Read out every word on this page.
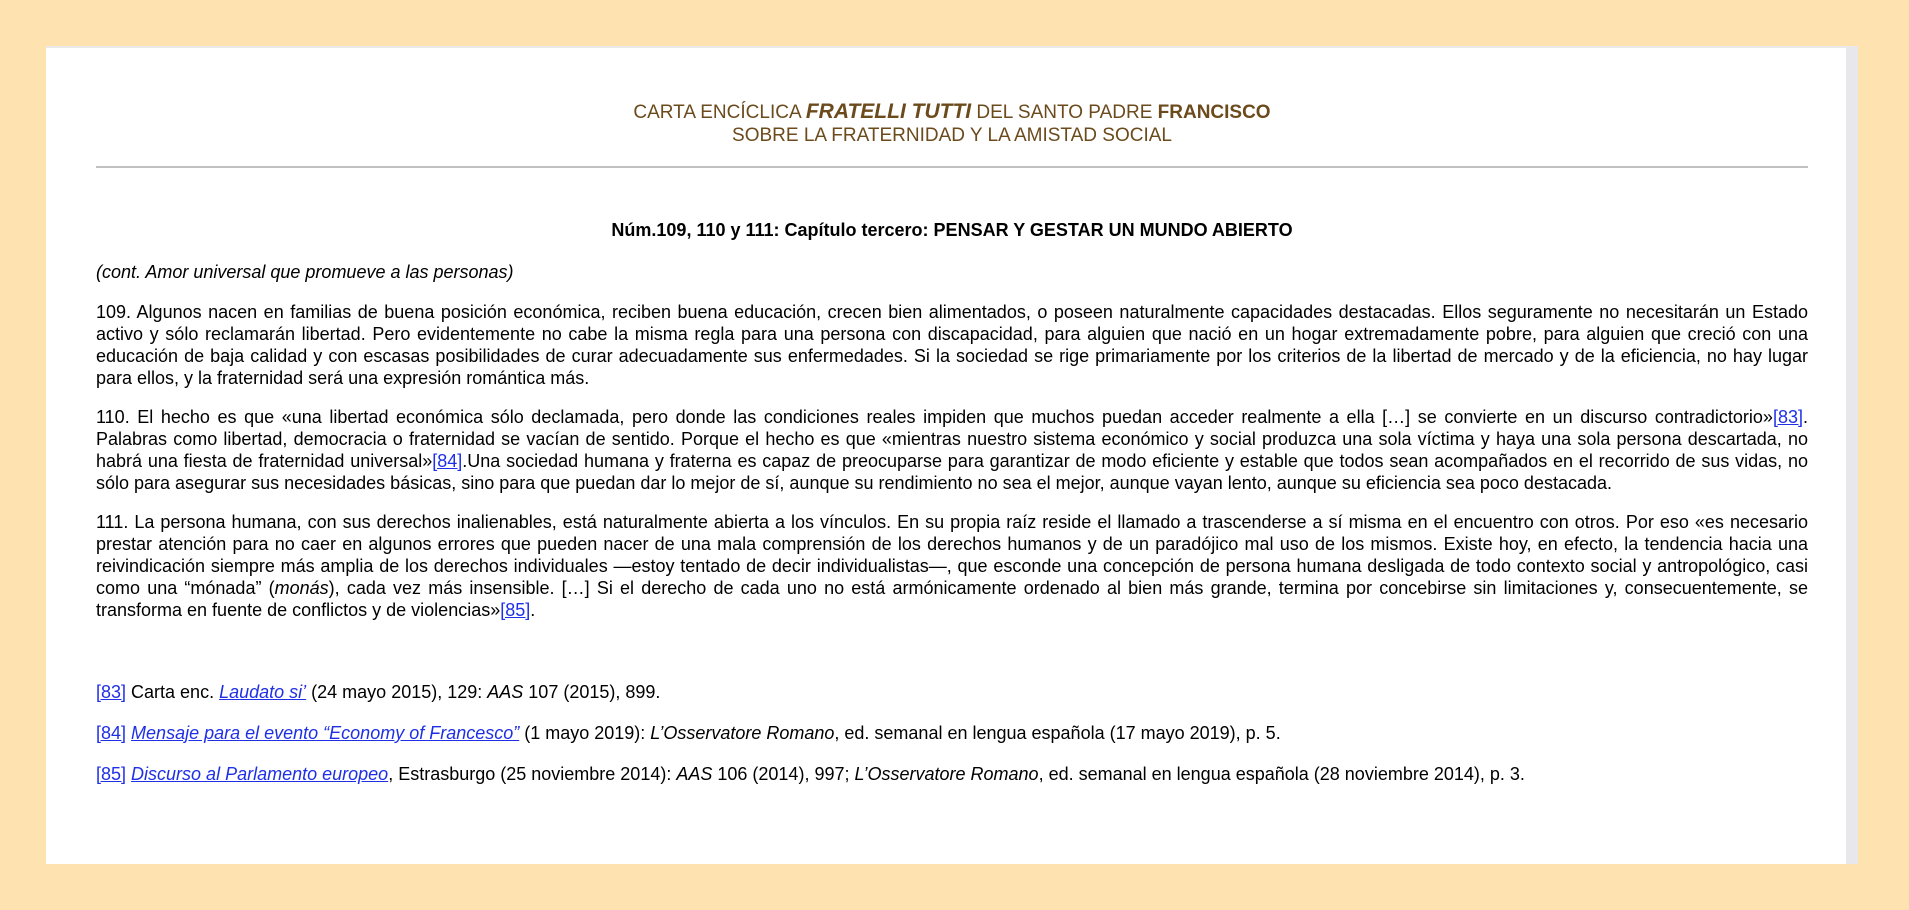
CARTA ENCÍCLICA FRATELLI TUTTI DEL SANTO PADRE FRANCISCO
SOBRE LA FRATERNIDAD Y LA AMISTAD SOCIAL
Núm.109, 110 y 111: Capítulo tercero: PENSAR Y GESTAR UN MUNDO ABIERTO
(cont. Amor universal que promueve a las personas)

109. Algunos nacen en familias de buena posición económica, reciben buena educación, crecen bien alimentados, o poseen naturalmente capacidades destacadas. Ellos seguramente no necesitarán un Estado activo y sólo reclamarán libertad. Pero evidentemente no cabe la misma regla para una persona con discapacidad, para alguien que nació en un hogar extremadamente pobre, para alguien que creció con una educación de baja calidad y con escasas posibilidades de curar adecuadamente sus enfermedades. Si la sociedad se rige primariamente por los criterios de la libertad de mercado y de la eficiencia, no hay lugar para ellos, y la fraternidad será una expresión romántica más.

110. El hecho es que «una libertad económica sólo declamada, pero donde las condiciones reales impiden que muchos puedan acceder realmente a ella […] se convierte en un discurso contradictorio»[83]. Palabras como libertad, democracia o fraternidad se vacían de sentido. Porque el hecho es que «mientras nuestro sistema económico y social produzca una sola víctima y haya una sola persona descartada, no habrá una fiesta de fraternidad universal»[84].Una sociedad humana y fraterna es capaz de preocuparse para garantizar de modo eficiente y estable que todos sean acompañados en el recorrido de sus vidas, no sólo para asegurar sus necesidades básicas, sino para que puedan dar lo mejor de sí, aunque su rendimiento no sea el mejor, aunque vayan lento, aunque su eficiencia sea poco destacada.

111. La persona humana, con sus derechos inalienables, está naturalmente abierta a los vínculos. En su propia raíz reside el llamado a trascenderse a sí misma en el encuentro con otros. Por eso «es necesario prestar atención para no caer en algunos errores que pueden nacer de una mala comprensión de los derechos humanos y de un paradójico mal uso de los mismos. Existe hoy, en efecto, la tendencia hacia una reivindicación siempre más amplia de los derechos individuales —estoy tentado de decir individualistas—, que esconde una concepción de persona humana desligada de todo contexto social y antropológico, casi como una “mónada” (monás), cada vez más insensible. […] Si el derecho de cada uno no está armónicamente ordenado al bien más grande, termina por concebirse sin limitaciones y, consecuentemente, se transforma en fuente de conflictos y de violencias»[85].

[83] Carta enc. Laudato si’ (24 mayo 2015), 129: AAS 107 (2015), 899.

[84] Mensaje para el evento “Economy of Francesco” (1 mayo 2019): L’Osservatore Romano, ed. semanal en lengua española (17 mayo 2019), p. 5.

[85] Discurso al Parlamento europeo, Estrasburgo (25 noviembre 2014): AAS 106 (2014), 997; L’Osservatore Romano, ed. semanal en lengua española (28 noviembre 2014), p. 3.
